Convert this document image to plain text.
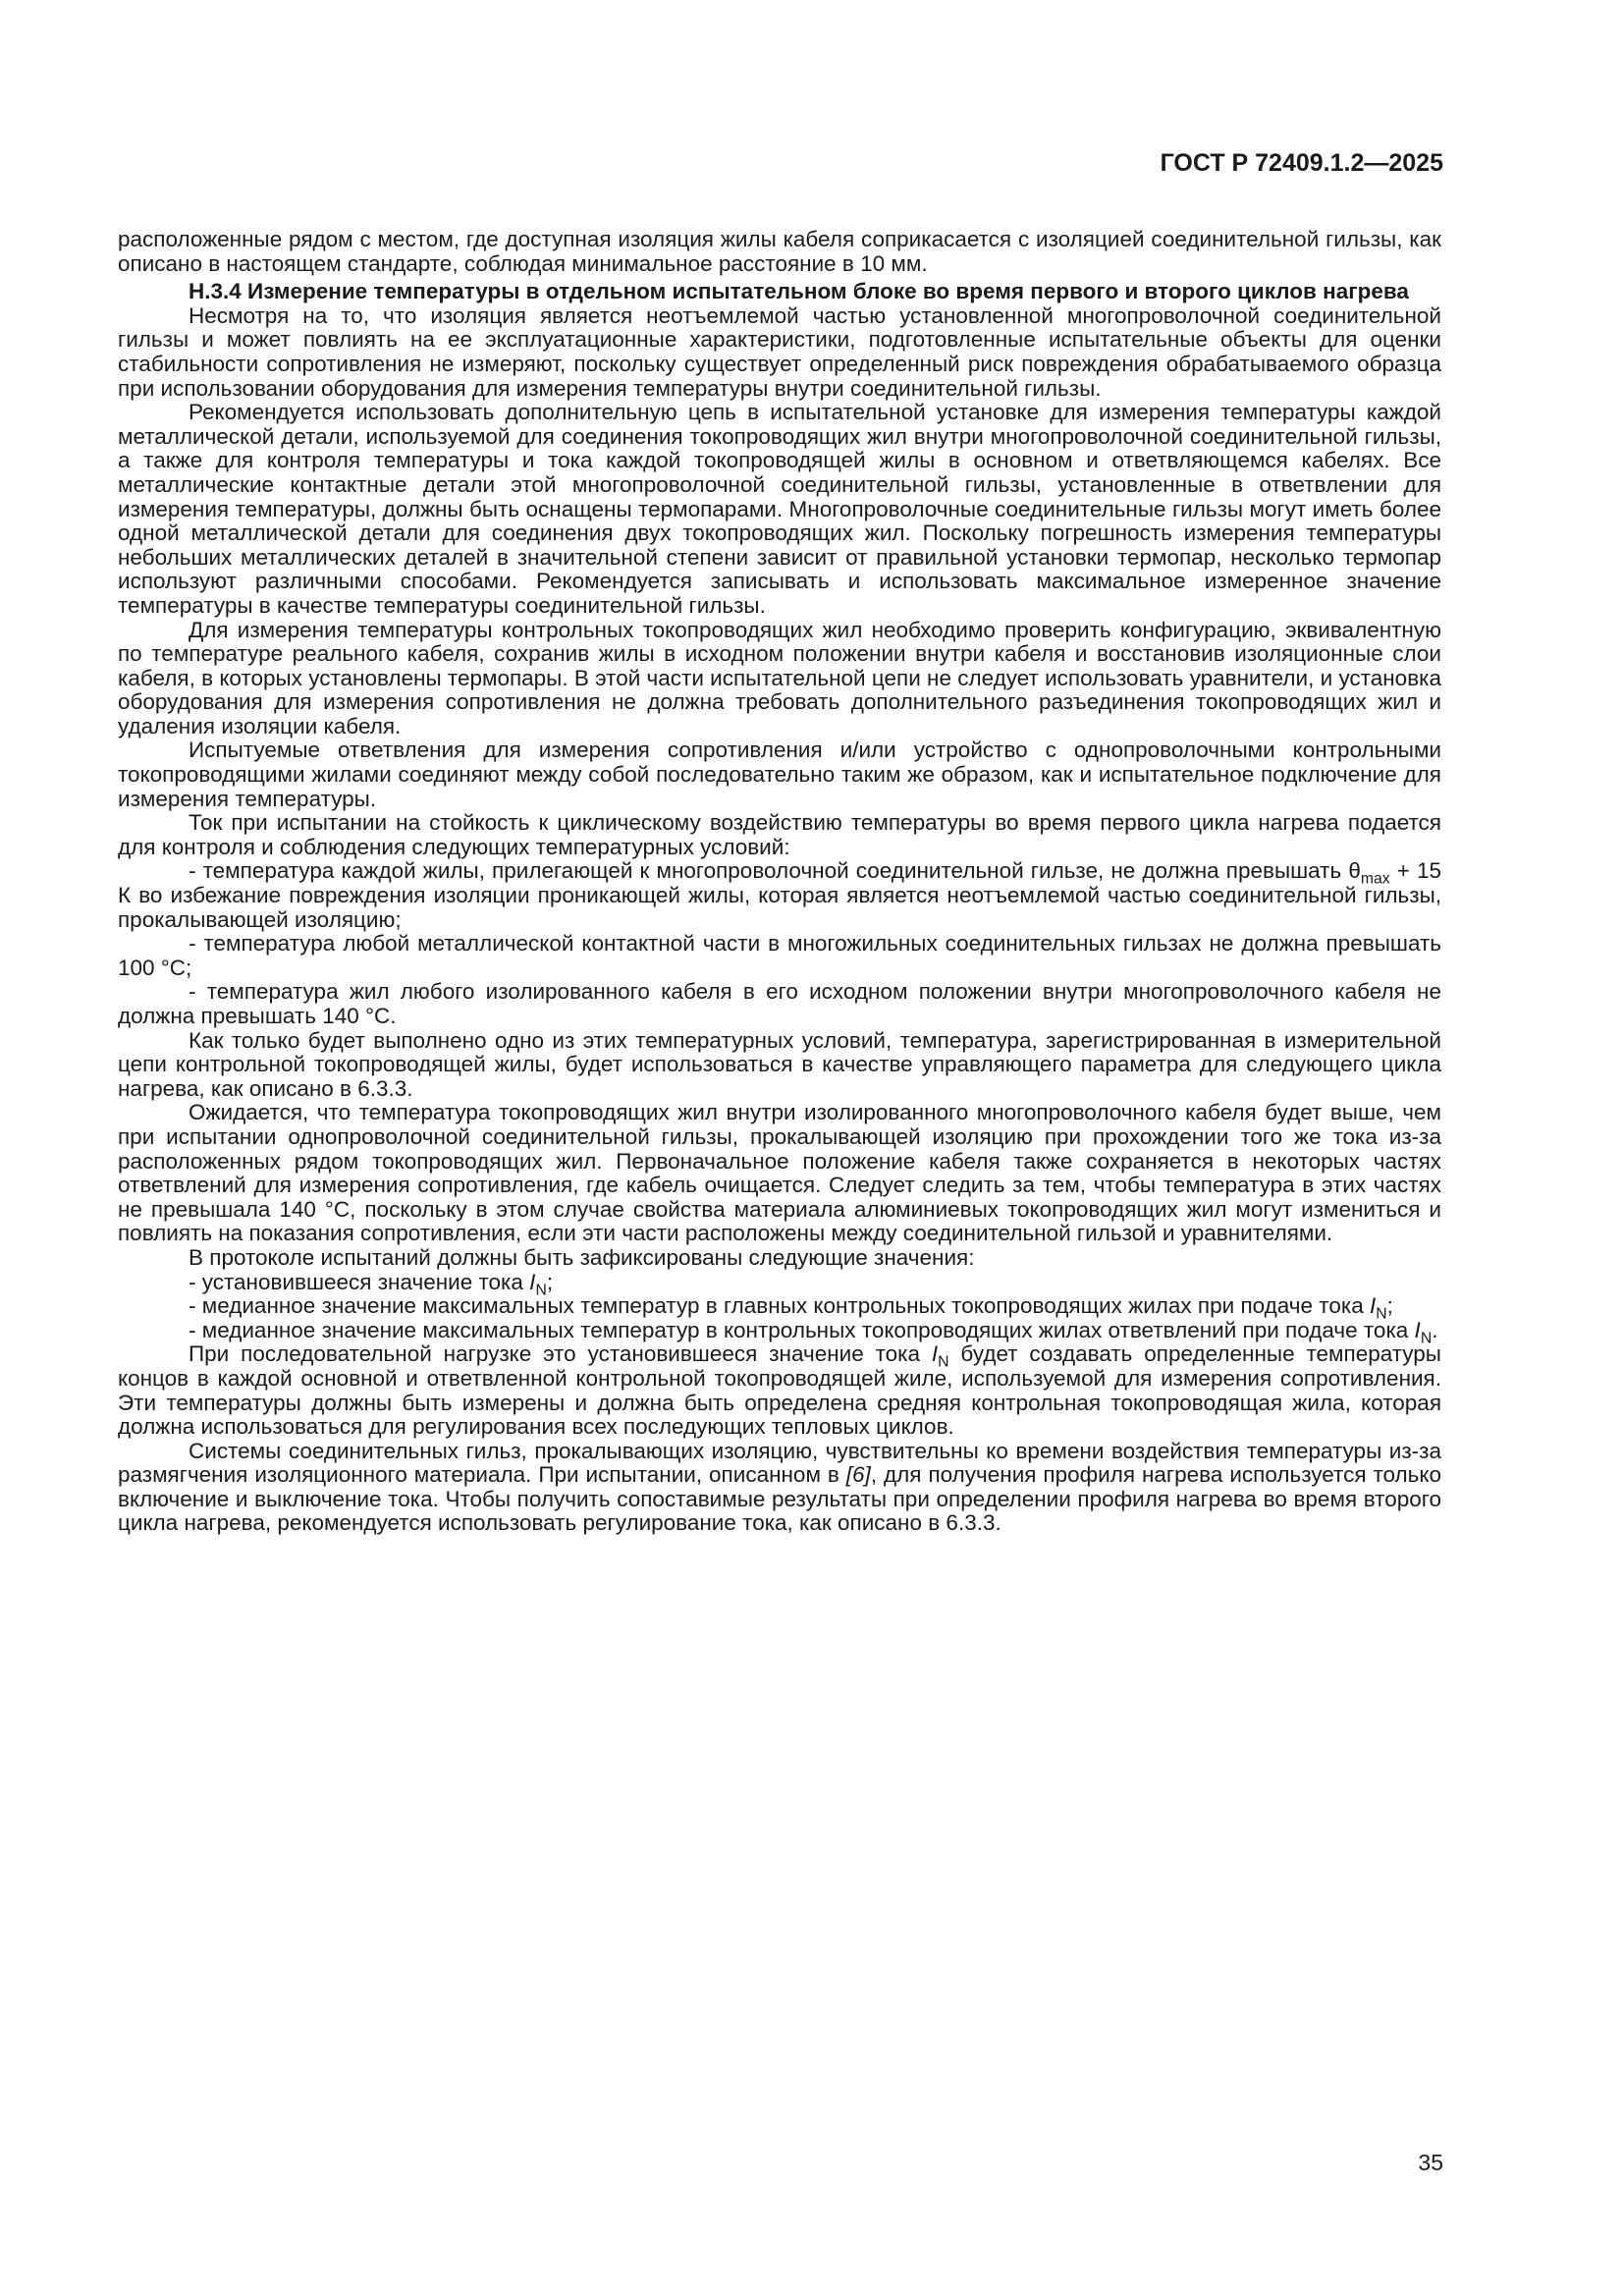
ГОСТ Р 72409.1.2—2025

расположенные рядом с местом, где доступная изоляция жилы кабеля соприкасается с изоляцией соединительной гильзы, как описано в настоящем стандарте, соблюдая минимальное расстояние в 10 мм.

Н.3.4 Измерение температуры в отдельном испытательном блоке во время первого и второго циклов нагрева

Несмотря на то, что изоляция является неотъемлемой частью установленной многопроволочной соединительной гильзы и может повлиять на ее эксплуатационные характеристики, подготовленные испытательные объекты для оценки стабильности сопротивления не измеряют, поскольку существует определенный риск повреждения обрабатываемого образца при использовании оборудования для измерения температуры внутри соединительной гильзы.

Рекомендуется использовать дополнительную цепь в испытательной установке для измерения температуры каждой металлической детали, используемой для соединения токопроводящих жил внутри многопроволочной соединительной гильзы, а также для контроля температуры и тока каждой токопроводящей жилы в основном и ответвляющемся кабелях. Все металлические контактные детали этой многопроволочной соединительной гильзы, установленные в ответвлении для измерения температуры, должны быть оснащены термопарами. Многопроволочные соединительные гильзы могут иметь более одной металлической детали для соединения двух токопроводящих жил. Поскольку погрешность измерения температуры небольших металлических деталей в значительной степени зависит от правильной установки термопар, несколько термопар используют различными способами. Рекомендуется записывать и использовать максимальное измеренное значение температуры в качестве температуры соединительной гильзы.

Для измерения температуры контрольных токопроводящих жил необходимо проверить конфигурацию, эквивалентную по температуре реального кабеля, сохранив жилы в исходном положении внутри кабеля и восстановив изоляционные слои кабеля, в которых установлены термопары. В этой части испытательной цепи не следует использовать уравнители, и установка оборудования для измерения сопротивления не должна требовать дополнительного разъединения токопроводящих жил и удаления изоляции кабеля.

Испытуемые ответвления для измерения сопротивления и/или устройство с однопроволочными контрольными токопроводящими жилами соединяют между собой последовательно таким же образом, как и испытательное подключение для измерения температуры.

Ток при испытании на стойкость к циклическому воздействию температуры во время первого цикла нагрева подается для контроля и соблюдения следующих температурных условий:

- температура каждой жилы, прилегающей к многопроволочной соединительной гильзе, не должна превышать $\theta_{max} + 15$ К во избежание повреждения изоляции проникающей жилы, которая является неотъемлемой частью соединительной гильзы, прокалывающей изоляцию;

- температура любой металлической контактной части в многожильных соединительных гильзах не должна превышать 100 °С;

- температура жил любого изолированного кабеля в его исходном положении внутри многопроволочного кабеля не должна превышать 140 °С.

Как только будет выполнено одно из этих температурных условий, температура, зарегистрированная в измерительной цепи контрольной токопроводящей жилы, будет использоваться в качестве управляющего параметра для следующего цикла нагрева, как описано в 6.3.3.

Ожидается, что температура токопроводящих жил внутри изолированного многопроволочного кабеля будет выше, чем при испытании однопроволочной соединительной гильзы, прокалывающей изоляцию при прохождении того же тока из-за расположенных рядом токопроводящих жил. Первоначальное положение кабеля также сохраняется в некоторых частях ответвлений для измерения сопротивления, где кабель очищается. Следует следить за тем, чтобы температура в этих частях не превышала 140 °С, поскольку в этом случае свойства материала алюминиевых токопроводящих жил могут измениться и повлиять на показания сопротивления, если эти части расположены между соединительной гильзой и уравнителями.

В протоколе испытаний должны быть зафиксированы следующие значения:

- установившееся значение тока $I_N$;

- медианное значение максимальных температур в главных контрольных токопроводящих жилах при подаче тока $I_N$;

- медианное значение максимальных температур в контрольных токопроводящих жилах ответвлений при подаче тока $I_N$.

При последовательной нагрузке это установившееся значение тока $I_N$ будет создавать определенные температуры концов в каждой основной и ответвленной контрольной токопроводящей жиле, используемой для измерения сопротивления. Эти температуры должны быть измерены и должна быть определена средняя контрольная токопроводящая жила, которая должна использоваться для регулирования всех последующих тепловых циклов.

Системы соединительных гильз, прокалывающих изоляцию, чувствительны ко времени воздействия температуры из-за размягчения изоляционного материала. При испытании, описанном в [6], для получения профиля нагрева используется только включение и выключение тока. Чтобы получить сопоставимые результаты при определении профиля нагрева во время второго цикла нагрева, рекомендуется использовать регулирование тока, как описано в 6.3.3.

35
